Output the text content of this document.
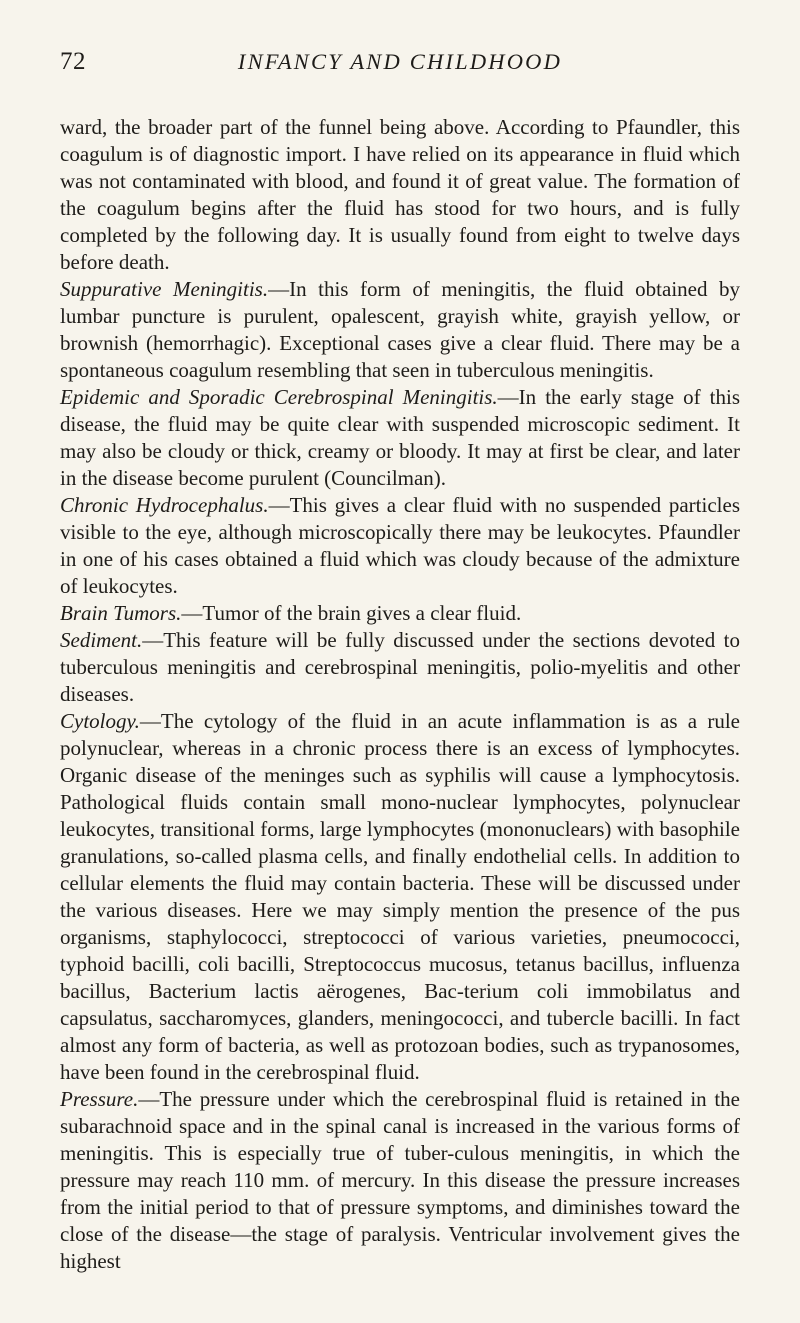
72	INFANCY AND CHILDHOOD

ward, the broader part of the funnel being above. According to Pfaundler, this coagulum is of diagnostic import. I have relied on its appearance in fluid which was not contaminated with blood, and found it of great value. The formation of the coagulum begins after the fluid has stood for two hours, and is fully completed by the following day. It is usually found from eight to twelve days before death.

Suppurative Meningitis.—In this form of meningitis, the fluid obtained by lumbar puncture is purulent, opalescent, grayish white, grayish yellow, or brownish (hemorrhagic). Exceptional cases give a clear fluid. There may be a spontaneous coagulum resembling that seen in tuberculous meningitis.

Epidemic and Sporadic Cerebrospinal Meningitis.—In the early stage of this disease, the fluid may be quite clear with suspended microscopic sediment. It may also be cloudy or thick, creamy or bloody. It may at first be clear, and later in the disease become purulent (Councilman).

Chronic Hydrocephalus.—This gives a clear fluid with no suspended particles visible to the eye, although microscopically there may be leukocytes. Pfaundler in one of his cases obtained a fluid which was cloudy because of the admixture of leukocytes.

Brain Tumors.—Tumor of the brain gives a clear fluid.

Sediment.—This feature will be fully discussed under the sections devoted to tuberculous meningitis and cerebrospinal meningitis, polio-myelitis and other diseases.

Cytology.—The cytology of the fluid in an acute inflammation is as a rule polynuclear, whereas in a chronic process there is an excess of lymphocytes. Organic disease of the meninges such as syphilis will cause a lymphocytosis. Pathological fluids contain small mono-nuclear lymphocytes, polynuclear leukocytes, transitional forms, large lymphocytes (mononuclears) with basophile granulations, so-called plasma cells, and finally endothelial cells. In addition to cellular elements the fluid may contain bacteria. These will be discussed under the various diseases. Here we may simply mention the presence of the pus organisms, staphylococci, streptococci of various varieties, pneumococci, typhoid bacilli, coli bacilli, Streptococcus mucosus, tetanus bacillus, influenza bacillus, Bacterium lactis aërogenes, Bac-terium coli immobilatus and capsulatus, saccharomyces, glanders, meningococci, and tubercle bacilli. In fact almost any form of bacteria, as well as protozoan bodies, such as trypanosomes, have been found in the cerebrospinal fluid.

Pressure.—The pressure under which the cerebrospinal fluid is retained in the subarachnoid space and in the spinal canal is increased in the various forms of meningitis. This is especially true of tuber-culous meningitis, in which the pressure may reach 110 mm. of mercury. In this disease the pressure increases from the initial period to that of pressure symptoms, and diminishes toward the close of the disease—the stage of paralysis. Ventricular involvement gives the highest
